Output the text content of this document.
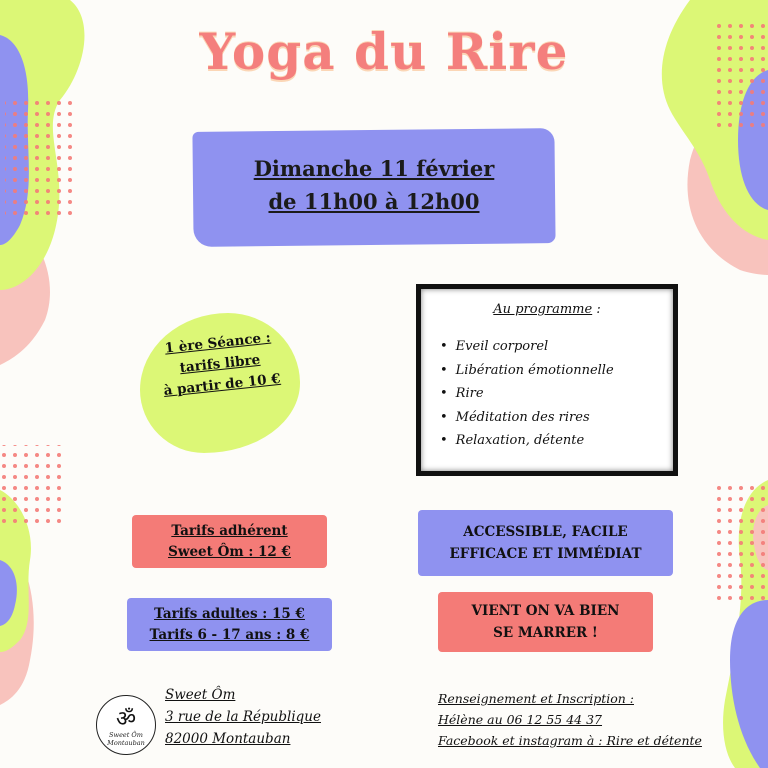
Yoga du Rire
Dimanche 11 février
de 11h00 à 12h00
1 ère Séance :
tarifs libre
à partir de 10 €
Au programme :
• Eveil corporel
• Libération émotionnelle
• Rire
• Méditation des rires
• Relaxation, détente
Tarifs adhérent
Sweet Ôm : 12 €
Tarifs adultes : 15 €
Tarifs 6 - 17 ans : 8 €
ACCESSIBLE, FACILE
EFFICACE ET IMMÉDIAT
VIENT ON VA BIEN
SE MARRER !
ॐ
Sweet Ôm
Montauban
Sweet Ôm
3 rue de la République
82000 Montauban
Renseignement et Inscription :
Hélène au 06 12 55 44 37
Facebook et instagram à : Rire et détente
